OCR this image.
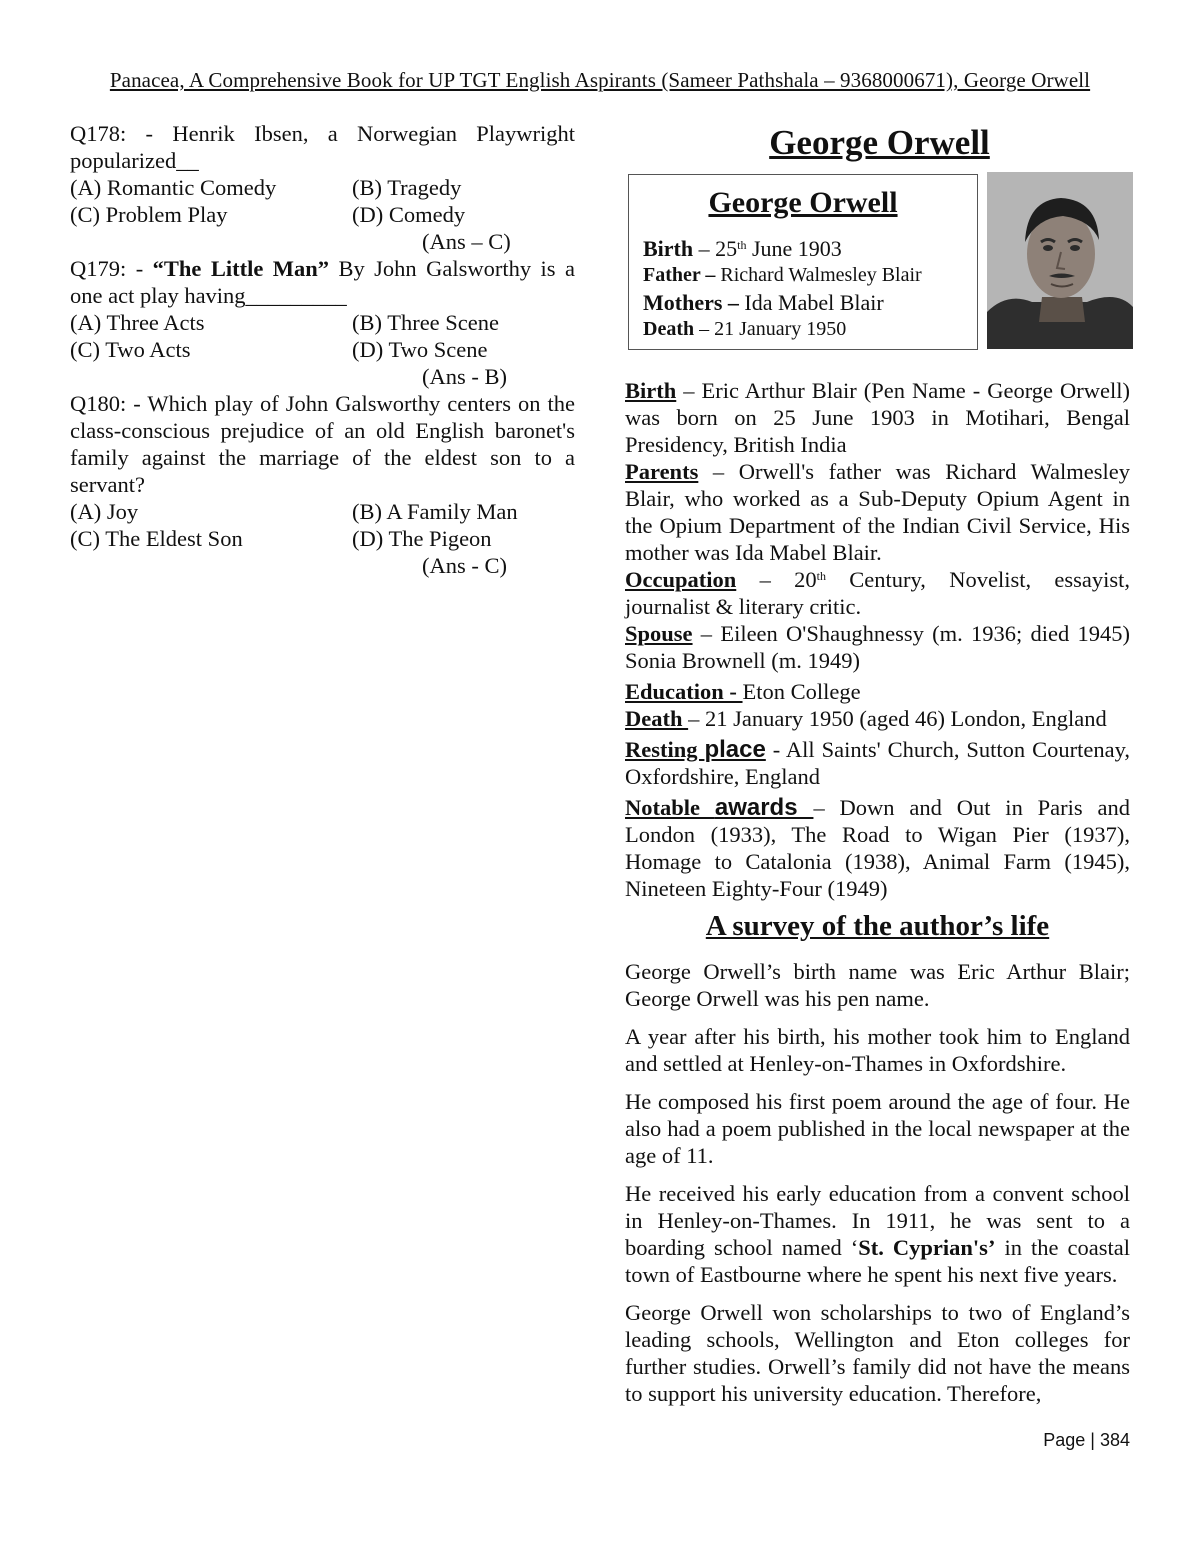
Panacea, A Comprehensive Book for UP TGT English Aspirants (Sameer Pathshala – 9368000671), George Orwell

Q178: - Henrik Ibsen, a Norwegian Playwright popularized__

(A) Romantic Comedy	(B) Tragedy
(C) Problem Play	(D) Comedy
(Ans – C)

Q179: - “The Little Man” By John Galsworthy is a one act play having_________

(A) Three Acts	(B) Three Scene
(C) Two Acts	(D) Two Scene
(Ans - B)

Q180: - Which play of John Galsworthy centers on the class-conscious prejudice of an old English baronet's family against the marriage of the eldest son to a servant?

(A) Joy	(B) A Family Man
(C) The Eldest Son	(D) The Pigeon
(Ans - C)
George Orwell
George Orwell
Birth – 25th June 1903
Father – Richard Walmesley Blair
Mothers – Ida Mabel Blair
Death – 21 January 1950

Birth – Eric Arthur Blair (Pen Name - George Orwell) was born on 25 June 1903 in Motihari, Bengal Presidency, British India

Parents – Orwell's father was Richard Walmesley Blair, who worked as a Sub-Deputy Opium Agent in the Opium Department of the Indian Civil Service, His mother was Ida Mabel Blair.

Occupation – 20th Century, Novelist, essayist, journalist & literary critic.

Spouse – Eileen O'Shaughnessy (m. 1936; died 1945) Sonia Brownell (m. 1949)

Education - Eton College

Death – 21 January 1950 (aged 46) London, England

Resting place - All Saints' Church, Sutton Courtenay, Oxfordshire, England

Notable awards – Down and Out in Paris and London (1933), The Road to Wigan Pier (1937), Homage to Catalonia (1938), Animal Farm (1945), Nineteen Eighty-Four (1949)

A survey of the author’s life

George Orwell’s birth name was Eric Arthur Blair; George Orwell was his pen name.

A year after his birth, his mother took him to England and settled at Henley-on-Thames in Oxfordshire.

He composed his first poem around the age of four. He also had a poem published in the local newspaper at the age of 11.

He received his early education from a convent school in Henley-on-Thames. In 1911, he was sent to a boarding school named ‘St. Cyprian's’ in the coastal town of Eastbourne where he spent his next five years.

George Orwell won scholarships to two of England’s leading schools, Wellington and Eton colleges for further studies. Orwell’s family did not have the means to support his university education. Therefore,

Page | 384
